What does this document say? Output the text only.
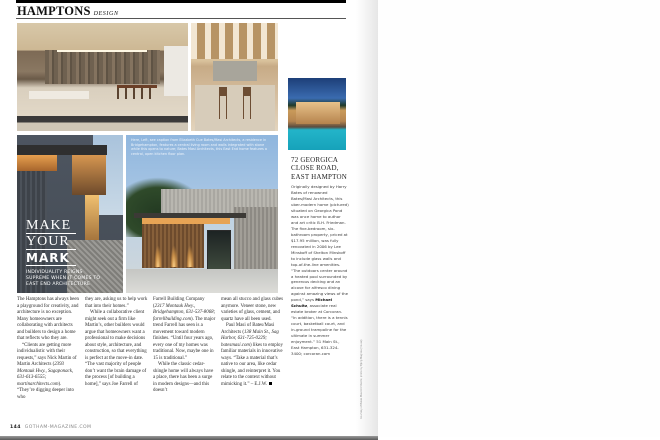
HAMPTONS DESIGN
MAKE
YOUR
MARK
INDIVIDUALITY REIGNS SUPREME WHEN IT COMES TO EAST END ARCHITECTURE
Here, Left, see caption from Elizabeth Cue Bates/Masi Architects, a residence in Bridgehampton, features a central living room and walls integrated with stone while this opens to nature; Bates Masi Architects, this East End home features a central, open kitchen floor plan.

The Hamptons has always been a playground for creativity, and architecture is no exception. Many homeowners are collaborating with architects and builders to design a home that reflects who they are.

“Clients are getting more individualistic with their requests,” says Nick Martin of Martin Architects (2393 Montauk Hwy., Sagaponack, 631-613-6555; martinarchitects.com). “They’re digging deeper into who

they are, asking us to help work that into their homes.”

While a collaborative client might seek out a firm like Martin’s, other builders would argue that homeowners want a professional to make decisions about style, architecture, and construction, so that everything is perfect at the move-in date. “The vast majority of people don’t want the brain damage of the process [of building a home],” says Joe Farrell of

Farrell Building Company (2317 Montauk Hwy., Bridgehampton, 631-537-8068; farrellbuilding.com). The major trend Farrell has seen is a movement toward modern finishes. “Until four years ago, every one of my homes was traditional. Now, maybe one in 15 is traditional.”

While the classic cedar-shingle home will always have a place, there has been a surge in modern designs—and this doesn’t

mean all stucco and glass cubes anymore. Veneer stone, new varieties of glass, cement, and quartz have all been used.

Paul Masi of Bates/Masi Architects (138 Main St., Sag Harbor, 631-725-0229; batesmasi.com) likes to employ familiar materials in innovative ways. “Take a material that’s native to our area, like cedar shingle, and reinterpret it. You relate to the context without mimicking it.” – E.J.W.

72 GEORGICA CLOSE ROAD, EAST HAMPTON
Originally designed by Harry Bates of renowned Bates/Masi Architects, this uber-modern home (pictured) situated on Georgica Pond was once home to author and art critic B.H. Friedman. The five-bedroom, six-bathroom property, priced at $17.95 million, was fully renovated in 2006 by Lee Minskoff of Shelton Minskoff to include glass walls and top-of-the-line amenities. “The outdoors center around a heated pool surrounded by generous decking and an alcove for alfresco dining against amazing views of the pond,” says Michael Schultz, associate real estate broker at Corcoran. “In addition, there is a tennis court, basketball court, and in-ground trampoline for the ultimate in summer enjoyment.” 51 Main St., East Hampton, 631-324-3400; corcoran.com
144 GOTHAM-MAGAZINE.COM
Courtesy of Bates Masi Architects; photo by Bjorg Magnea (house)
